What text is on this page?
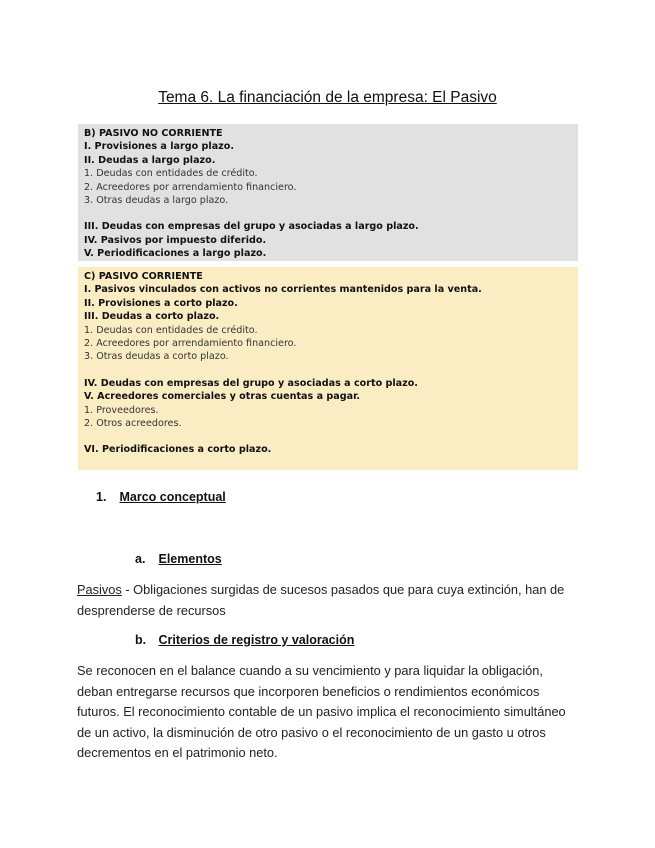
Tema 6. La financiación de la empresa: El Pasivo
B) PASIVO NO CORRIENTE
I. Provisiones a largo plazo.
II. Deudas a largo plazo.
1. Deudas con entidades de crédito.
2. Acreedores por arrendamiento financiero.
3. Otras deudas a largo plazo.
III. Deudas con empresas del grupo y asociadas a largo plazo.
IV. Pasivos por impuesto diferido.
V. Periodificaciones a largo plazo.
C) PASIVO CORRIENTE
I. Pasivos vinculados con activos no corrientes mantenidos para la venta.
II. Provisiones a corto plazo.
III. Deudas a corto plazo.
1. Deudas con entidades de crédito.
2. Acreedores por arrendamiento financiero.
3. Otras deudas a corto plazo.
IV. Deudas con empresas del grupo y asociadas a corto plazo.
V. Acreedores comerciales y otras cuentas a pagar.
1. Proveedores.
2. Otros acreedores.
VI. Periodificaciones a corto plazo.
1. Marco conceptual
a. Elementos
Pasivos - Obligaciones surgidas de sucesos pasados que para cuya extinción, han de desprenderse de recursos
b. Criterios de registro y valoración
Se reconocen en el balance cuando a su vencimiento y para liquidar la obligación, deban entregarse recursos que incorporen beneficios o rendimientos económicos futuros. El reconocimiento contable de un pasivo implica el reconocimiento simultáneo de un activo, la disminución de otro pasivo o el reconocimiento de un gasto u otros decrementos en el patrimonio neto.
